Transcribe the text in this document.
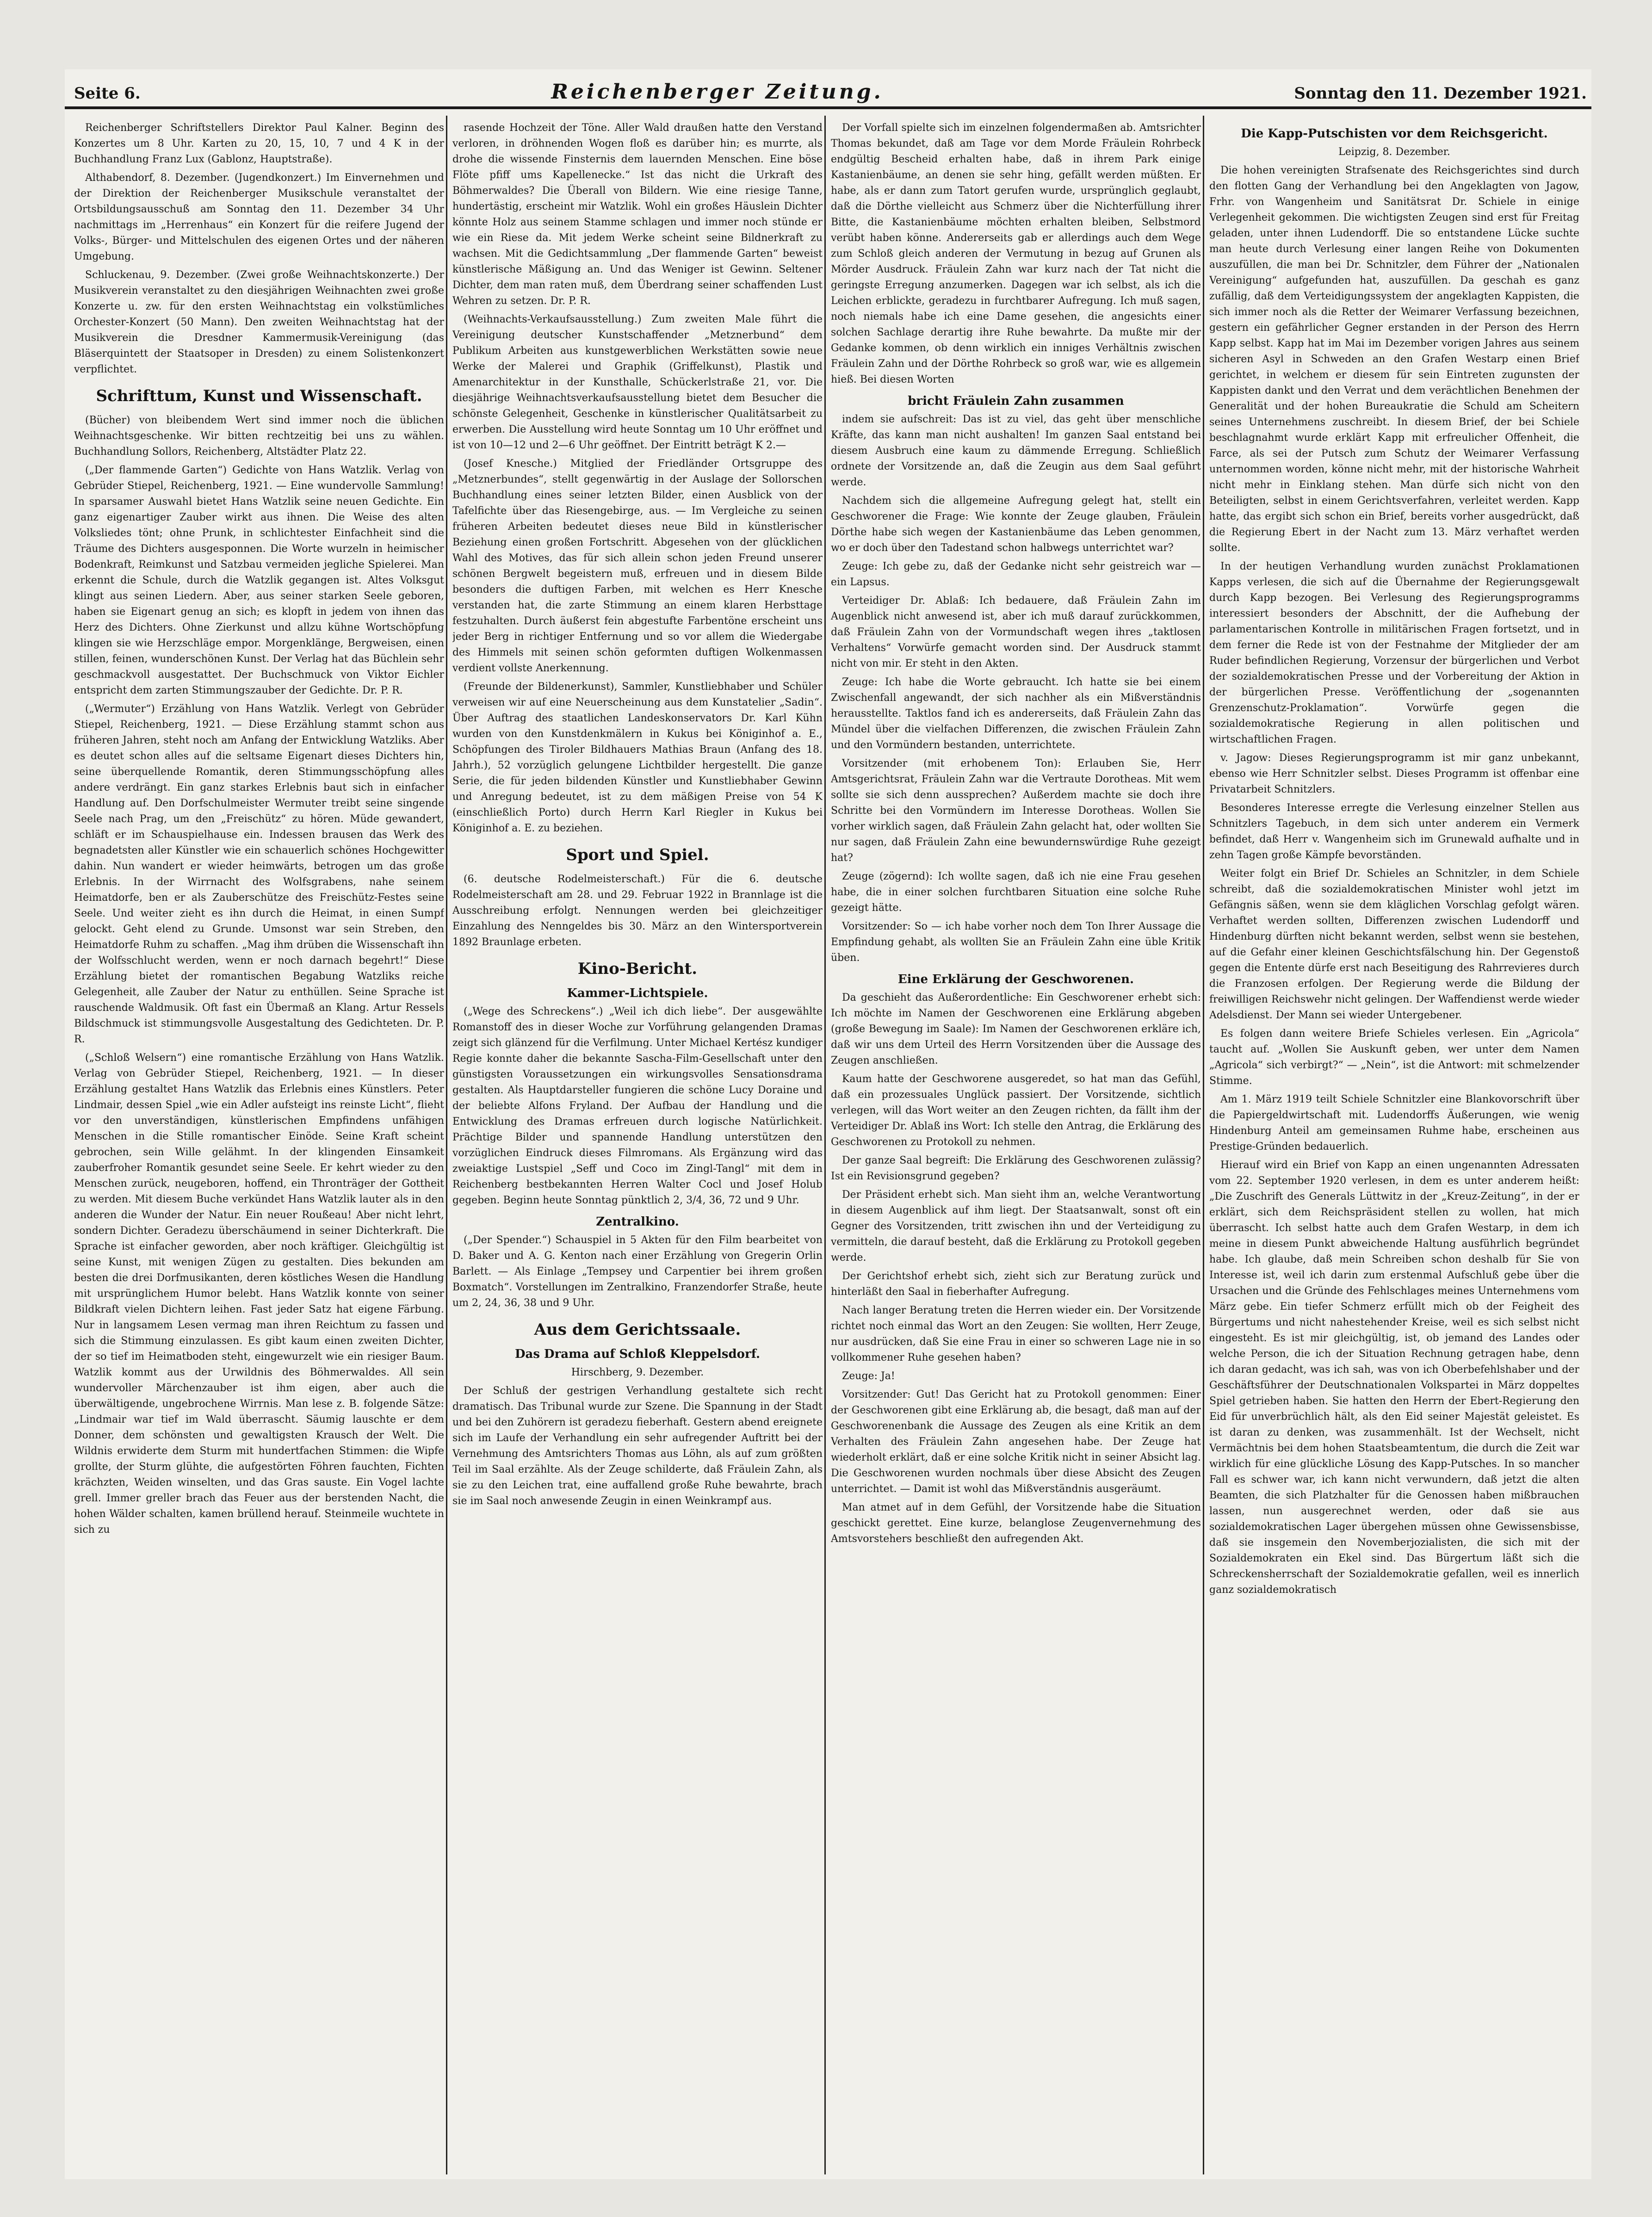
Seite 6.	Reichenberger Zeitung.	Sonntag den 11. Dezember 1921.

Reichenberger Schriftstellers Direktor Paul Kalner. Beginn des Konzertes um 8 Uhr. Karten zu 20, 15, 10, 7 und 4 K in der Buchhandlung Franz Lux (Gablonz, Hauptstraße).

Althabendorf, 8. Dezember. (Jugendkonzert.) Im Einvernehmen und der Direktion der Reichenberger Musikschule veranstaltet der Ortsbildungsausschuß am Sonntag den 11. Dezember 34 Uhr nachmittags im „Herrenhaus“ ein Konzert für die reifere Jugend der Volks-, Bürger- und Mittelschulen des eigenen Ortes und der näheren Umgebung.

Schluckenau, 9. Dezember. (Zwei große Weihnachtskonzerte.) Der Musikverein veranstaltet zu den diesjährigen Weihnachten zwei große Konzerte u. zw. für den ersten Weihnachtstag ein volkstümliches Orchester-Konzert (50 Mann). Den zweiten Weihnachtstag hat der Musikverein die Dresdner Kammermusik-Vereinigung (das Bläserquintett der Staatsoper in Dresden) zu einem Solistenkonzert verpflichtet.

Schrifttum, Kunst und Wissenschaft.

(Bücher) von bleibendem Wert sind immer noch die üblichen Weihnachtsgeschenke. Wir bitten rechtzeitig bei uns zu wählen. Buchhandlung Sollors, Reichenberg, Altstädter Platz 22.

(„Der flammende Garten“) Gedichte von Hans Watzlik. Verlag von Gebrüder Stiepel, Reichenberg, 1921. — Eine wundervolle Sammlung! In sparsamer Auswahl bietet Hans Watzlik seine neuen Gedichte. Ein ganz eigenartiger Zauber wirkt aus ihnen. Die Weise des alten Volksliedes tönt; ohne Prunk, in schlichtester Einfachheit sind die Träume des Dichters ausgesponnen. Die Worte wurzeln in heimischer Bodenkraft, Reimkunst und Satzbau vermeiden jegliche Spielerei. Man erkennt die Schule, durch die Watzlik gegangen ist. Altes Volksgut klingt aus seinen Liedern. Aber, aus seiner starken Seele geboren, haben sie Eigenart genug an sich; es klopft in jedem von ihnen das Herz des Dichters. Ohne Zierkunst und allzu kühne Wortschöpfung klingen sie wie Herzschläge empor. Morgenklänge, Bergweisen, einen stillen, feinen, wunderschönen Kunst. Der Verlag hat das Büchlein sehr geschmackvoll ausgestattet. Der Buchschmuck von Viktor Eichler entspricht dem zarten Stimmungszauber der Gedichte. Dr. P. R.

(„Wermuter“) Erzählung von Hans Watzlik. Verlegt von Gebrüder Stiepel, Reichenberg, 1921. — Diese Erzählung stammt schon aus früheren Jahren, steht noch am Anfang der Entwicklung Watzliks. Aber es deutet schon alles auf die seltsame Eigenart dieses Dichters hin, seine überquellende Romantik, deren Stimmungsschöpfung alles andere verdrängt. Ein ganz starkes Erlebnis baut sich in einfacher Handlung auf. Den Dorfschulmeister Wermuter treibt seine singende Seele nach Prag, um den „Freischütz“ zu hören. Müde gewandert, schläft er im Schauspielhause ein. Indessen brausen das Werk des begnadetsten aller Künstler wie ein schauerlich schönes Hochgewitter dahin. Nun wandert er wieder heimwärts, betrogen um das große Erlebnis. In der Wirrnacht des Wolfsgrabens, nahe seinem Heimatdorfe, ben er als Zauberschütze des Freischütz-Festes seine Seele. Und weiter zieht es ihn durch die Heimat, in einen Sumpf gelockt. Geht elend zu Grunde. Umsonst war sein Streben, den Heimatdorfe Ruhm zu schaffen. „Mag ihm drüben die Wissenschaft ihn der Wolfsschlucht werden, wenn er noch darnach begehrt!“ Diese Erzählung bietet der romantischen Begabung Watzliks reiche Gelegenheit, alle Zauber der Natur zu enthüllen. Seine Sprache ist rauschende Waldmusik. Oft fast ein Übermaß an Klang. Artur Ressels Bildschmuck ist stimmungsvolle Ausgestaltung des Gedichteten. Dr. P. R.

(„Schloß Welsern“) eine romantische Erzählung von Hans Watzlik. Verlag von Gebrüder Stiepel, Reichenberg, 1921. — In dieser Erzählung gestaltet Hans Watzlik das Erlebnis eines Künstlers. Peter Lindmair, dessen Spiel „wie ein Adler aufsteigt ins reinste Licht“, flieht vor den unverständigen, künstlerischen Empfindens unfähigen Menschen in die Stille romantischer Einöde. Seine Kraft scheint gebrochen, sein Wille gelähmt. In der klingenden Einsamkeit zauberfroher Romantik gesundet seine Seele. Er kehrt wieder zu den Menschen zurück, neugeboren, hoffend, ein Thronträger der Gottheit zu werden. Mit diesem Buche verkündet Hans Watzlik lauter als in den anderen die Wunder der Natur. Ein neuer Roußeau! Aber nicht lehrt, sondern Dichter. Geradezu überschäumend in seiner Dichterkraft. Die Sprache ist einfacher geworden, aber noch kräftiger. Gleichgültig ist seine Kunst, mit wenigen Zügen zu gestalten. Dies bekunden am besten die drei Dorfmusikanten, deren köstliches Wesen die Handlung mit ursprünglichem Humor belebt. Hans Watzlik konnte von seiner Bildkraft vielen Dichtern leihen. Fast jeder Satz hat eigene Färbung. Nur in langsamem Lesen vermag man ihren Reichtum zu fassen und sich die Stimmung einzulassen. Es gibt kaum einen zweiten Dichter, der so tief im Heimatboden steht, eingewurzelt wie ein riesiger Baum. Watzlik kommt aus der Urwildnis des Böhmerwaldes. All sein wundervoller Märchenzauber ist ihm eigen, aber auch die überwältigende, ungebrochene Wirrnis. Man lese z. B. folgende Sätze: „Lindmair war tief im Wald überrascht. Säumig lauschte er dem Donner, dem schönsten und gewaltigsten Krausch der Welt. Die Wildnis erwiderte dem Sturm mit hundertfachen Stimmen: die Wipfe grollte, der Sturm glühte, die aufgestörten Föhren fauchten, Fichten krächzten, Weiden winselten, und das Gras sauste. Ein Vogel lachte grell. Immer greller brach das Feuer aus der berstenden Nacht, die hohen Wälder schalten, kamen brüllend herauf. Steinmeile wuchtete in sich zu

rasende Hochzeit der Töne. Aller Wald draußen hatte den Verstand verloren, in dröhnenden Wogen floß es darüber hin; es murrte, als drohe die wissende Finsternis dem lauernden Menschen. Eine böse Flöte pfiff ums Kapellenecke.“ Ist das nicht die Urkraft des Böhmerwaldes? Die Überall von Bildern. Wie eine riesige Tanne, hundertästig, erscheint mir Watzlik. Wohl ein großes Häuslein Dichter könnte Holz aus seinem Stamme schlagen und immer noch stünde er wie ein Riese da. Mit jedem Werke scheint seine Bildnerkraft zu wachsen. Mit die Gedichtsammlung „Der flammende Garten“ beweist künstlerische Mäßigung an. Und das Weniger ist Gewinn. Seltener Dichter, dem man raten muß, dem Überdrang seiner schaffenden Lust Wehren zu setzen. Dr. P. R.

(Weihnachts-Verkaufsausstellung.) Zum zweiten Male führt die Vereinigung deutscher Kunstschaffender „Metznerbund“ dem Publikum Arbeiten aus kunstgewerblichen Werkstätten sowie neue Werke der Malerei und Graphik (Griffelkunst), Plastik und Amenarchitektur in der Kunsthalle, Schückerlstraße 21, vor. Die diesjährige Weihnachtsverkaufsausstellung bietet dem Besucher die schönste Gelegenheit, Geschenke in künstlerischer Qualitätsarbeit zu erwerben. Die Ausstellung wird heute Sonntag um 10 Uhr eröffnet und ist von 10—12 und 2—6 Uhr geöffnet. Der Eintritt beträgt K 2.—

(Josef Knesche.) Mitglied der Friedländer Ortsgruppe des „Metznerbundes“, stellt gegenwärtig in der Auslage der Sollorschen Buchhandlung eines seiner letzten Bilder, einen Ausblick von der Tafelfichte über das Riesengebirge, aus. — Im Vergleiche zu seinen früheren Arbeiten bedeutet dieses neue Bild in künstlerischer Beziehung einen großen Fortschritt. Abgesehen von der glücklichen Wahl des Motives, das für sich allein schon jeden Freund unserer schönen Bergwelt begeistern muß, erfreuen und in diesem Bilde besonders die duftigen Farben, mit welchen es Herr Knesche verstanden hat, die zarte Stimmung an einem klaren Herbsttage festzuhalten. Durch äußerst fein abgestufte Farbentöne erscheint uns jeder Berg in richtiger Entfernung und so vor allem die Wiedergabe des Himmels mit seinen schön geformten duftigen Wolkenmassen verdient vollste Anerkennung.

(Freunde der Bildenerkunst), Sammler, Kunstliebhaber und Schüler verweisen wir auf eine Neuerscheinung aus dem Kunstatelier „Sadin“. Über Auftrag des staatlichen Landeskonservators Dr. Karl Kühn wurden von den Kunstdenkmälern in Kukus bei Königinhof a. E., Schöpfungen des Tiroler Bildhauers Mathias Braun (Anfang des 18. Jahrh.), 52 vorzüglich gelungene Lichtbilder hergestellt. Die ganze Serie, die für jeden bildenden Künstler und Kunstliebhaber Gewinn und Anregung bedeutet, ist zu dem mäßigen Preise von 54 K (einschließlich Porto) durch Herrn Karl Riegler in Kukus bei Königinhof a. E. zu beziehen.

Sport und Spiel.

(6. deutsche Rodelmeisterschaft.) Für die 6. deutsche Rodelmeisterschaft am 28. und 29. Februar 1922 in Brannlage ist die Ausschreibung erfolgt. Nennungen werden bei gleichzeitiger Einzahlung des Nenngeldes bis 30. März an den Wintersportverein 1892 Braunlage erbeten.

Kino-Bericht.
Kammer-Lichtspiele.

(„Wege des Schreckens“.) „Weil ich dich liebe“. Der ausgewählte Romanstoff des in dieser Woche zur Vorführung gelangenden Dramas zeigt sich glänzend für die Verfilmung. Unter Michael Kertész kundiger Regie konnte daher die bekannte Sascha-Film-Gesellschaft unter den günstigsten Voraussetzungen ein wirkungsvolles Sensationsdrama gestalten. Als Hauptdarsteller fungieren die schöne Lucy Doraine und der beliebte Alfons Fryland. Der Aufbau der Handlung und die Entwicklung des Dramas erfreuen durch logische Natürlichkeit. Prächtige Bilder und spannende Handlung unterstützen den vorzüglichen Eindruck dieses Filmromans. Als Ergänzung wird das zweiaktige Lustspiel „Seff und Coco im Zingl-Tangl“ mit dem in Reichenberg bestbekannten Herren Walter Cocl und Josef Holub gegeben. Beginn heute Sonntag pünktlich 2, 3/4, 36, 72 und 9 Uhr.

Zentralkino.

(„Der Spender.“) Schauspiel in 5 Akten für den Film bearbeitet von D. Baker und A. G. Kenton nach einer Erzählung von Gregerin Orlin Barlett. — Als Einlage „Tempsey und Carpentier bei ihrem großen Boxmatch“. Vorstellungen im Zentralkino, Franzendorfer Straße, heute um 2, 24, 36, 38 und 9 Uhr.

Aus dem Gerichtssaale.
Das Drama auf Schloß Kleppelsdorf.
Hirschberg, 9. Dezember.

Der Schluß der gestrigen Verhandlung gestaltete sich recht dramatisch. Das Tribunal wurde zur Szene. Die Spannung in der Stadt und bei den Zuhörern ist geradezu fieberhaft. Gestern abend ereignete sich im Laufe der Verhandlung ein sehr aufregender Auftritt bei der Vernehmung des Amtsrichters Thomas aus Löhn, als auf zum größten Teil im Saal erzählte. Als der Zeuge schilderte, daß Fräulein Zahn, als sie zu den Leichen trat, eine auffallend große Ruhe bewahrte, brach sie im Saal noch anwesende Zeugin in einen Weinkrampf aus.

Der Vorfall spielte sich im einzelnen folgendermaßen ab. Amtsrichter Thomas bekundet, daß am Tage vor dem Morde Fräulein Rohrbeck endgültig Bescheid erhalten habe, daß in ihrem Park einige Kastanienbäume, an denen sie sehr hing, gefällt werden müßten. Er habe, als er dann zum Tatort gerufen wurde, ursprünglich geglaubt, daß die Dörthe vielleicht aus Schmerz über die Nichterfüllung ihrer Bitte, die Kastanienbäume möchten erhalten bleiben, Selbstmord verübt haben könne. Andererseits gab er allerdings auch dem Wege zum Schloß gleich anderen der Vermutung in bezug auf Grunen als Mörder Ausdruck. Fräulein Zahn war kurz nach der Tat nicht die geringste Erregung anzumerken. Dagegen war ich selbst, als ich die Leichen erblickte, geradezu in furchtbarer Aufregung. Ich muß sagen, noch niemals habe ich eine Dame gesehen, die angesichts einer solchen Sachlage derartig ihre Ruhe bewahrte. Da mußte mir der Gedanke kommen, ob denn wirklich ein inniges Verhältnis zwischen Fräulein Zahn und der Dörthe Rohrbeck so groß war, wie es allgemein hieß. Bei diesen Worten

bricht Fräulein Zahn zusammen

indem sie aufschreit: Das ist zu viel, das geht über menschliche Kräfte, das kann man nicht aushalten! Im ganzen Saal entstand bei diesem Ausbruch eine kaum zu dämmende Erregung. Schließlich ordnete der Vorsitzende an, daß die Zeugin aus dem Saal geführt werde.

Nachdem sich die allgemeine Aufregung gelegt hat, stellt ein Geschworener die Frage: Wie konnte der Zeuge glauben, Fräulein Dörthe habe sich wegen der Kastanienbäume das Leben genommen, wo er doch über den Tadestand schon halbwegs unterrichtet war?

Zeuge: Ich gebe zu, daß der Gedanke nicht sehr geistreich war — ein Lapsus.

Verteidiger Dr. Ablaß: Ich bedauere, daß Fräulein Zahn im Augenblick nicht anwesend ist, aber ich muß darauf zurückkommen, daß Fräulein Zahn von der Vormundschaft wegen ihres „taktlosen Verhaltens“ Vorwürfe gemacht worden sind. Der Ausdruck stammt nicht von mir. Er steht in den Akten.

Zeuge: Ich habe die Worte gebraucht. Ich hatte sie bei einem Zwischenfall angewandt, der sich nachher als ein Mißverständnis herausstellte. Taktlos fand ich es andererseits, daß Fräulein Zahn das Mündel über die vielfachen Differenzen, die zwischen Fräulein Zahn und den Vormündern bestanden, unterrichtete.

Vorsitzender (mit erhobenem Ton): Erlauben Sie, Herr Amtsgerichtsrat, Fräulein Zahn war die Vertraute Dorotheas. Mit wem sollte sie sich denn aussprechen? Außerdem machte sie doch ihre Schritte bei den Vormündern im Interesse Dorotheas. Wollen Sie vorher wirklich sagen, daß Fräulein Zahn gelacht hat, oder wollten Sie nur sagen, daß Fräulein Zahn eine bewundernswürdige Ruhe gezeigt hat?

Zeuge (zögernd): Ich wollte sagen, daß ich nie eine Frau gesehen habe, die in einer solchen furchtbaren Situation eine solche Ruhe gezeigt hätte.

Vorsitzender: So — ich habe vorher noch dem Ton Ihrer Aussage die Empfindung gehabt, als wollten Sie an Fräulein Zahn eine üble Kritik üben.

Eine Erklärung der Geschworenen.

Da geschieht das Außerordentliche: Ein Geschworener erhebt sich: Ich möchte im Namen der Geschworenen eine Erklärung abgeben (große Bewegung im Saale): Im Namen der Geschworenen erkläre ich, daß wir uns dem Urteil des Herrn Vorsitzenden über die Aussage des Zeugen anschließen.

Kaum hatte der Geschworene ausgeredet, so hat man das Gefühl, daß ein prozessuales Unglück passiert. Der Vorsitzende, sichtlich verlegen, will das Wort weiter an den Zeugen richten, da fällt ihm der Verteidiger Dr. Ablaß ins Wort: Ich stelle den Antrag, die Erklärung des Geschworenen zu Protokoll zu nehmen.

Der ganze Saal begreift: Die Erklärung des Geschworenen zulässig? Ist ein Revisionsgrund gegeben?

Der Präsident erhebt sich. Man sieht ihm an, welche Verantwortung in diesem Augenblick auf ihm liegt. Der Staatsanwalt, sonst oft ein Gegner des Vorsitzenden, tritt zwischen ihn und der Verteidigung zu vermitteln, die darauf besteht, daß die Erklärung zu Protokoll gegeben werde.

Der Gerichtshof erhebt sich, zieht sich zur Beratung zurück und hinterläßt den Saal in fieberhafter Aufregung.

Nach langer Beratung treten die Herren wieder ein. Der Vorsitzende richtet noch einmal das Wort an den Zeugen: Sie wollten, Herr Zeuge, nur ausdrücken, daß Sie eine Frau in einer so schweren Lage nie in so vollkommener Ruhe gesehen haben?

Zeuge: Ja!

Vorsitzender: Gut! Das Gericht hat zu Protokoll genommen: Einer der Geschworenen gibt eine Erklärung ab, die besagt, daß man auf der Geschworenenbank die Aussage des Zeugen als eine Kritik an dem Verhalten des Fräulein Zahn angesehen habe. Der Zeuge hat wiederholt erklärt, daß er eine solche Kritik nicht in seiner Absicht lag. Die Geschworenen wurden nochmals über diese Absicht des Zeugen unterrichtet. — Damit ist wohl das Mißverständnis ausgeräumt.

Man atmet auf in dem Gefühl, der Vorsitzende habe die Situation geschickt gerettet. Eine kurze, belanglose Zeugenvernehmung des Amtsvorstehers beschließt den aufregenden Akt.

Die Kapp-Putschisten vor dem Reichsgericht.
Leipzig, 8. Dezember.

Die hohen vereinigten Strafsenate des Reichsgerichtes sind durch den flotten Gang der Verhandlung bei den Angeklagten von Jagow, Frhr. von Wangenheim und Sanitätsrat Dr. Schiele in einige Verlegenheit gekommen. Die wichtigsten Zeugen sind erst für Freitag geladen, unter ihnen Ludendorff. Die so entstandene Lücke suchte man heute durch Verlesung einer langen Reihe von Dokumenten auszufüllen, die man bei Dr. Schnitzler, dem Führer der „Nationalen Vereinigung“ aufgefunden hat, auszufüllen. Da geschah es ganz zufällig, daß dem Verteidigungssystem der angeklagten Kappisten, die sich immer noch als die Retter der Weimarer Verfassung bezeichnen, gestern ein gefährlicher Gegner erstanden in der Person des Herrn Kapp selbst. Kapp hat im Mai im Dezember vorigen Jahres aus seinem sicheren Asyl in Schweden an den Grafen Westarp einen Brief gerichtet, in welchem er diesem für sein Eintreten zugunsten der Kappisten dankt und den Verrat und dem verächtlichen Benehmen der Generalität und der hohen Bureaukratie die Schuld am Scheitern seines Unternehmens zuschreibt. In diesem Brief, der bei Schiele beschlagnahmt wurde erklärt Kapp mit erfreulicher Offenheit, die Farce, als sei der Putsch zum Schutz der Weimarer Verfassung unternommen worden, könne nicht mehr, mit der historische Wahrheit nicht mehr in Einklang stehen. Man dürfe sich nicht von den Beteiligten, selbst in einem Gerichtsverfahren, verleitet werden. Kapp hatte, das ergibt sich schon ein Brief, bereits vorher ausgedrückt, daß die Regierung Ebert in der Nacht zum 13. März verhaftet werden sollte.

In der heutigen Verhandlung wurden zunächst Proklamationen Kapps verlesen, die sich auf die Übernahme der Regierungsgewalt durch Kapp bezogen. Bei Verlesung des Regierungsprogramms interessiert besonders der Abschnitt, der die Aufhebung der parlamentarischen Kontrolle in militärischen Fragen fortsetzt, und in dem ferner die Rede ist von der Festnahme der Mitglieder der am Ruder befindlichen Regierung, Vorzensur der bürgerlichen und Verbot der sozialdemokratischen Presse und der Vorbereitung der Aktion in der bürgerlichen Presse. Veröffentlichung der „sogenannten Grenzenschutz-Proklamation“. Vorwürfe gegen die sozialdemokratische Regierung in allen politischen und wirtschaftlichen Fragen.

v. Jagow: Dieses Regierungsprogramm ist mir ganz unbekannt, ebenso wie Herr Schnitzler selbst. Dieses Programm ist offenbar eine Privatarbeit Schnitzlers.

Besonderes Interesse erregte die Verlesung einzelner Stellen aus Schnitzlers Tagebuch, in dem sich unter anderem ein Vermerk befindet, daß Herr v. Wangenheim sich im Grunewald aufhalte und in zehn Tagen große Kämpfe bevorständen.

Weiter folgt ein Brief Dr. Schieles an Schnitzler, in dem Schiele schreibt, daß die sozialdemokratischen Minister wohl jetzt im Gefängnis säßen, wenn sie dem kläglichen Vorschlag gefolgt wären. Verhaftet werden sollten, Differenzen zwischen Ludendorff und Hindenburg dürften nicht bekannt werden, selbst wenn sie bestehen, auf die Gefahr einer kleinen Geschichtsfälschung hin. Der Gegenstoß gegen die Entente dürfe erst nach Beseitigung des Rahrrevieres durch die Franzosen erfolgen. Der Regierung werde die Bildung der freiwilligen Reichswehr nicht gelingen. Der Waffendienst werde wieder Adelsdienst. Der Mann sei wieder Untergebener.

Es folgen dann weitere Briefe Schieles verlesen. Ein „Agricola“ taucht auf. „Wollen Sie Auskunft geben, wer unter dem Namen „Agricola“ sich verbirgt?“ — „Nein“, ist die Antwort: mit schmelzender Stimme.

Am 1. März 1919 teilt Schiele Schnitzler eine Blankovorschrift über die Papiergeldwirtschaft mit. Ludendorffs Äußerungen, wie wenig Hindenburg Anteil am gemeinsamen Ruhme habe, erscheinen aus Prestige-Gründen bedauerlich.

Hierauf wird ein Brief von Kapp an einen ungenannten Adressaten vom 22. September 1920 verlesen, in dem es unter anderem heißt: „Die Zuschrift des Generals Lüttwitz in der „Kreuz-Zeitung“, in der er erklärt, sich dem Reichspräsident stellen zu wollen, hat mich überrascht. Ich selbst hatte auch dem Grafen Westarp, in dem ich meine in diesem Punkt abweichende Haltung ausführlich begründet habe. Ich glaube, daß mein Schreiben schon deshalb für Sie von Interesse ist, weil ich darin zum erstenmal Aufschluß gebe über die Ursachen und die Gründe des Fehlschlages meines Unternehmens vom März gebe. Ein tiefer Schmerz erfüllt mich ob der Feigheit des Bürgertums und nicht nahestehender Kreise, weil es sich selbst nicht eingesteht. Es ist mir gleichgültig, ist, ob jemand des Landes oder welche Person, die ich der Situation Rechnung getragen habe, denn ich daran gedacht, was ich sah, was von ich Oberbefehlshaber und der Geschäftsführer der Deutschnationalen Volkspartei in März doppeltes Spiel getrieben haben. Sie hatten den Herrn der Ebert-Regierung den Eid für unverbrüchlich hält, als den Eid seiner Majestät geleistet. Es ist daran zu denken, was zusammenhält. Ist der Wechselt, nicht Vermächtnis bei dem hohen Staatsbeamtentum, die durch die Zeit war wirklich für eine glückliche Lösung des Kapp-Putsches. In so mancher Fall es schwer war, ich kann nicht verwundern, daß jetzt die alten Beamten, die sich Platzhalter für die Genossen haben mißbrauchen lassen, nun ausgerechnet werden, oder daß sie aus sozialdemokratischen Lager übergehen müssen ohne Gewissensbisse, daß sie insgemein den Novemberjozialisten, die sich mit der Sozialdemokraten ein Ekel sind. Das Bürgertum läßt sich die Schreckensherrschaft der Sozialdemokratie gefallen, weil es innerlich ganz sozialdemokratisch
